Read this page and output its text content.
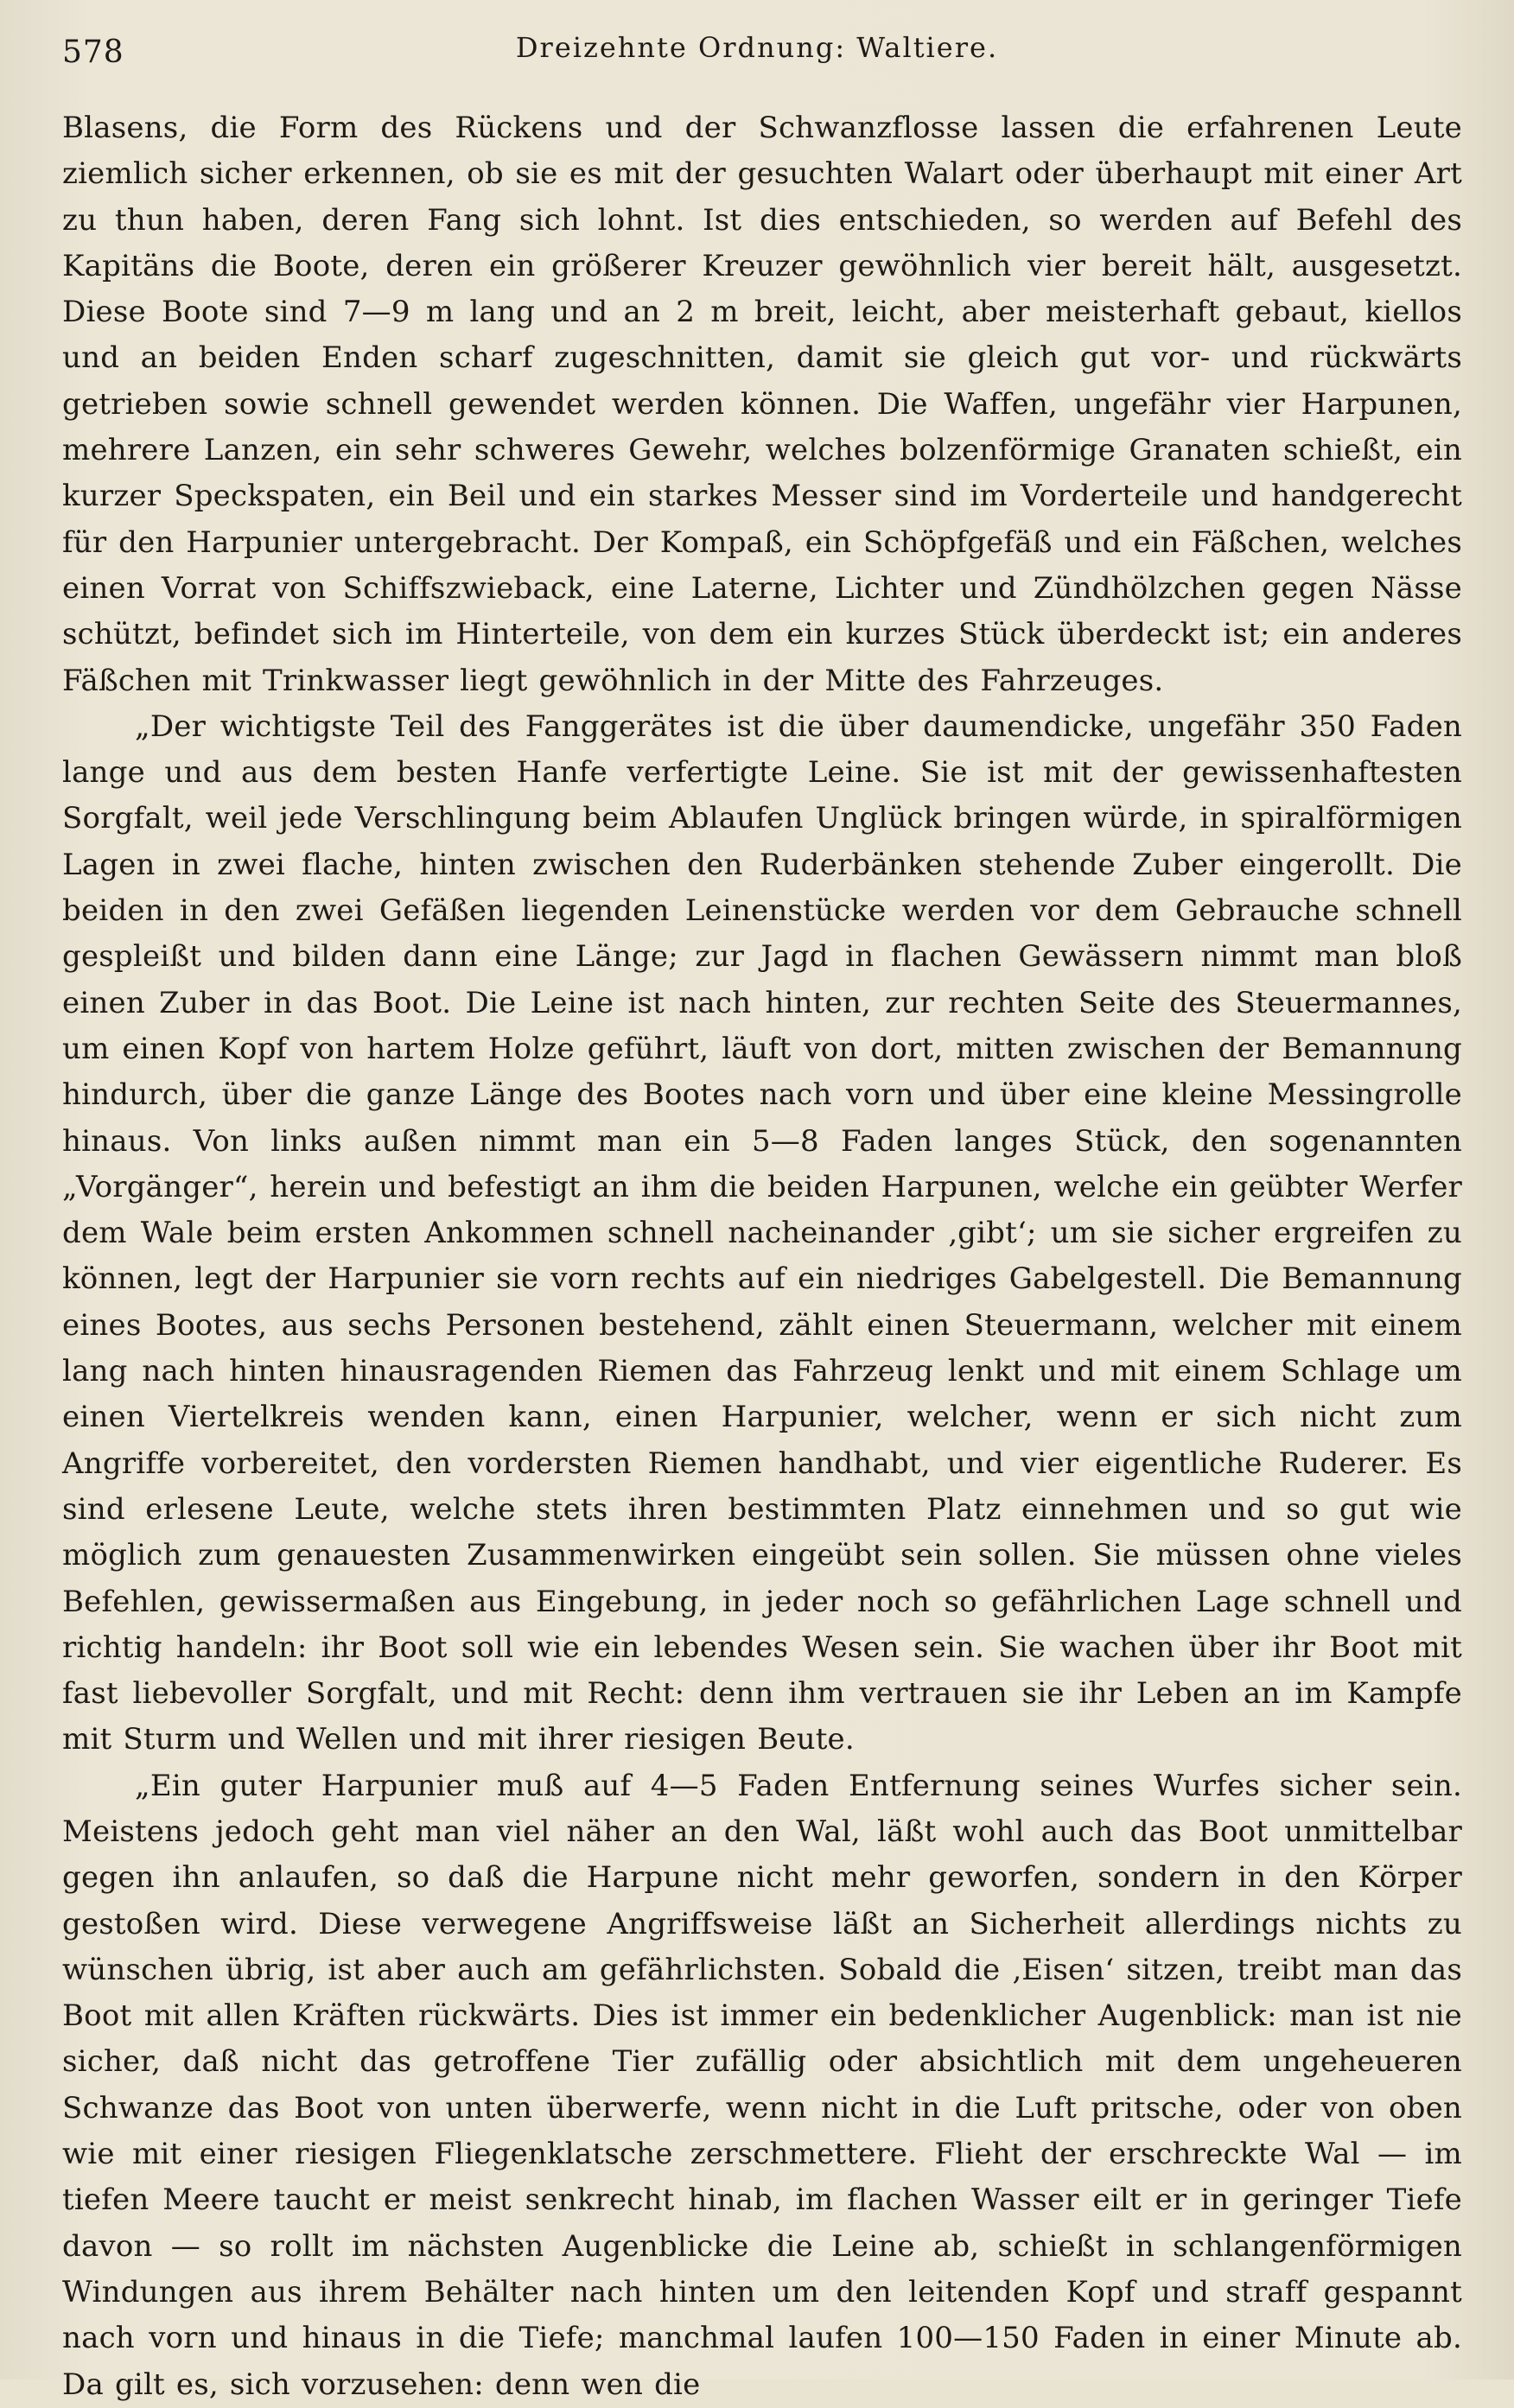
578	Dreizehnte Ordnung: Waltiere.

Blasens, die Form des Rückens und der Schwanzflosse lassen die erfahrenen Leute ziemlich sicher erkennen, ob sie es mit der gesuchten Walart oder überhaupt mit einer Art zu thun haben, deren Fang sich lohnt. Ist dies entschieden, so werden auf Befehl des Kapitäns die Boote, deren ein größerer Kreuzer gewöhnlich vier bereit hält, ausgesetzt. Diese Boote sind 7—9 m lang und an 2 m breit, leicht, aber meisterhaft gebaut, kiellos und an beiden Enden scharf zugeschnitten, damit sie gleich gut vor- und rückwärts getrieben sowie schnell gewendet werden können. Die Waffen, ungefähr vier Harpunen, mehrere Lanzen, ein sehr schweres Gewehr, welches bolzenförmige Granaten schießt, ein kurzer Speckspaten, ein Beil und ein starkes Messer sind im Vorderteile und handgerecht für den Harpunier untergebracht. Der Kompaß, ein Schöpfgefäß und ein Fäßchen, welches einen Vorrat von Schiffszwieback, eine Laterne, Lichter und Zündhölzchen gegen Nässe schützt, befindet sich im Hinterteile, von dem ein kurzes Stück überdeckt ist; ein anderes Fäßchen mit Trinkwasser liegt gewöhnlich in der Mitte des Fahrzeuges.

„Der wichtigste Teil des Fanggerätes ist die über daumendicke, ungefähr 350 Faden lange und aus dem besten Hanfe verfertigte Leine. Sie ist mit der gewissenhaftesten Sorgfalt, weil jede Verschlingung beim Ablaufen Unglück bringen würde, in spiralförmigen Lagen in zwei flache, hinten zwischen den Ruderbänken stehende Zuber eingerollt. Die beiden in den zwei Gefäßen liegenden Leinenstücke werden vor dem Gebrauche schnell gespleißt und bilden dann eine Länge; zur Jagd in flachen Gewässern nimmt man bloß einen Zuber in das Boot. Die Leine ist nach hinten, zur rechten Seite des Steuermannes, um einen Kopf von hartem Holze geführt, läuft von dort, mitten zwischen der Bemannung hindurch, über die ganze Länge des Bootes nach vorn und über eine kleine Messingrolle hinaus. Von links außen nimmt man ein 5—8 Faden langes Stück, den sogenannten „Vorgänger“, herein und befestigt an ihm die beiden Harpunen, welche ein geübter Werfer dem Wale beim ersten Ankommen schnell nacheinander ‚gibt‘; um sie sicher ergreifen zu können, legt der Harpunier sie vorn rechts auf ein niedriges Gabelgestell. Die Bemannung eines Bootes, aus sechs Personen bestehend, zählt einen Steuermann, welcher mit einem lang nach hinten hinausragenden Riemen das Fahrzeug lenkt und mit einem Schlage um einen Viertelkreis wenden kann, einen Harpunier, welcher, wenn er sich nicht zum Angriffe vorbereitet, den vordersten Riemen handhabt, und vier eigentliche Ruderer. Es sind erlesene Leute, welche stets ihren bestimmten Platz einnehmen und so gut wie möglich zum genauesten Zusammenwirken eingeübt sein sollen. Sie müssen ohne vieles Befehlen, gewissermaßen aus Eingebung, in jeder noch so gefährlichen Lage schnell und richtig handeln: ihr Boot soll wie ein lebendes Wesen sein. Sie wachen über ihr Boot mit fast liebevoller Sorgfalt, und mit Recht: denn ihm vertrauen sie ihr Leben an im Kampfe mit Sturm und Wellen und mit ihrer riesigen Beute.

„Ein guter Harpunier muß auf 4—5 Faden Entfernung seines Wurfes sicher sein. Meistens jedoch geht man viel näher an den Wal, läßt wohl auch das Boot unmittelbar gegen ihn anlaufen, so daß die Harpune nicht mehr geworfen, sondern in den Körper gestoßen wird. Diese verwegene Angriffsweise läßt an Sicherheit allerdings nichts zu wünschen übrig, ist aber auch am gefährlichsten. Sobald die ‚Eisen‘ sitzen, treibt man das Boot mit allen Kräften rückwärts. Dies ist immer ein bedenklicher Augenblick: man ist nie sicher, daß nicht das getroffene Tier zufällig oder absichtlich mit dem ungeheueren Schwanze das Boot von unten überwerfe, wenn nicht in die Luft pritsche, oder von oben wie mit einer riesigen Fliegenklatsche zerschmettere. Flieht der erschreckte Wal — im tiefen Meere taucht er meist senkrecht hinab, im flachen Wasser eilt er in geringer Tiefe davon — so rollt im nächsten Augenblicke die Leine ab, schießt in schlangenförmigen Windungen aus ihrem Behälter nach hinten um den leitenden Kopf und straff gespannt nach vorn und hinaus in die Tiefe; manchmal laufen 100—150 Faden in einer Minute ab. Da gilt es, sich vorzusehen: denn wen die
